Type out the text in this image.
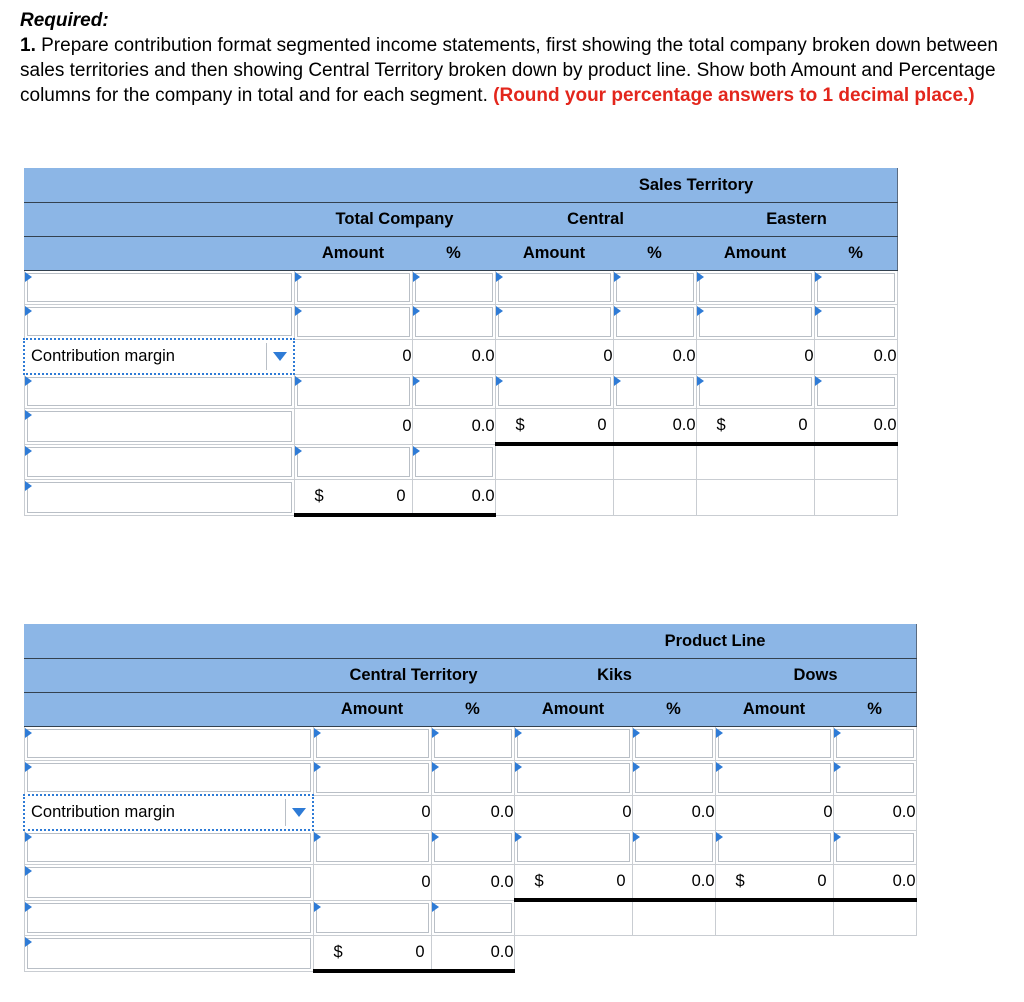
Required:
1. Prepare contribution format segmented income statements, first showing the total company broken down between sales territories and then showing Central Territory broken down by product line. Show both Amount and Percentage columns for the company in total and for each segment. (Round your percentage answers to 1 decimal place.)
			Sales Territory			
	Total Company		Central		Eastern	
	Amount	%	Amount	%	Amount	%

Contribution margin	0	0.0	0	0.0	0	0.0

	0	0.0	$ 0	0.0	$ 0	0.0

	$ 0	0.0				
			Product Line			
	Central Territory		Kiks		Dows	
	Amount	%	Amount	%	Amount	%

Contribution margin	0	0.0	0	0.0	0	0.0

	0	0.0	$ 0	0.0	$ 0	0.0

	$ 0	0.0				
